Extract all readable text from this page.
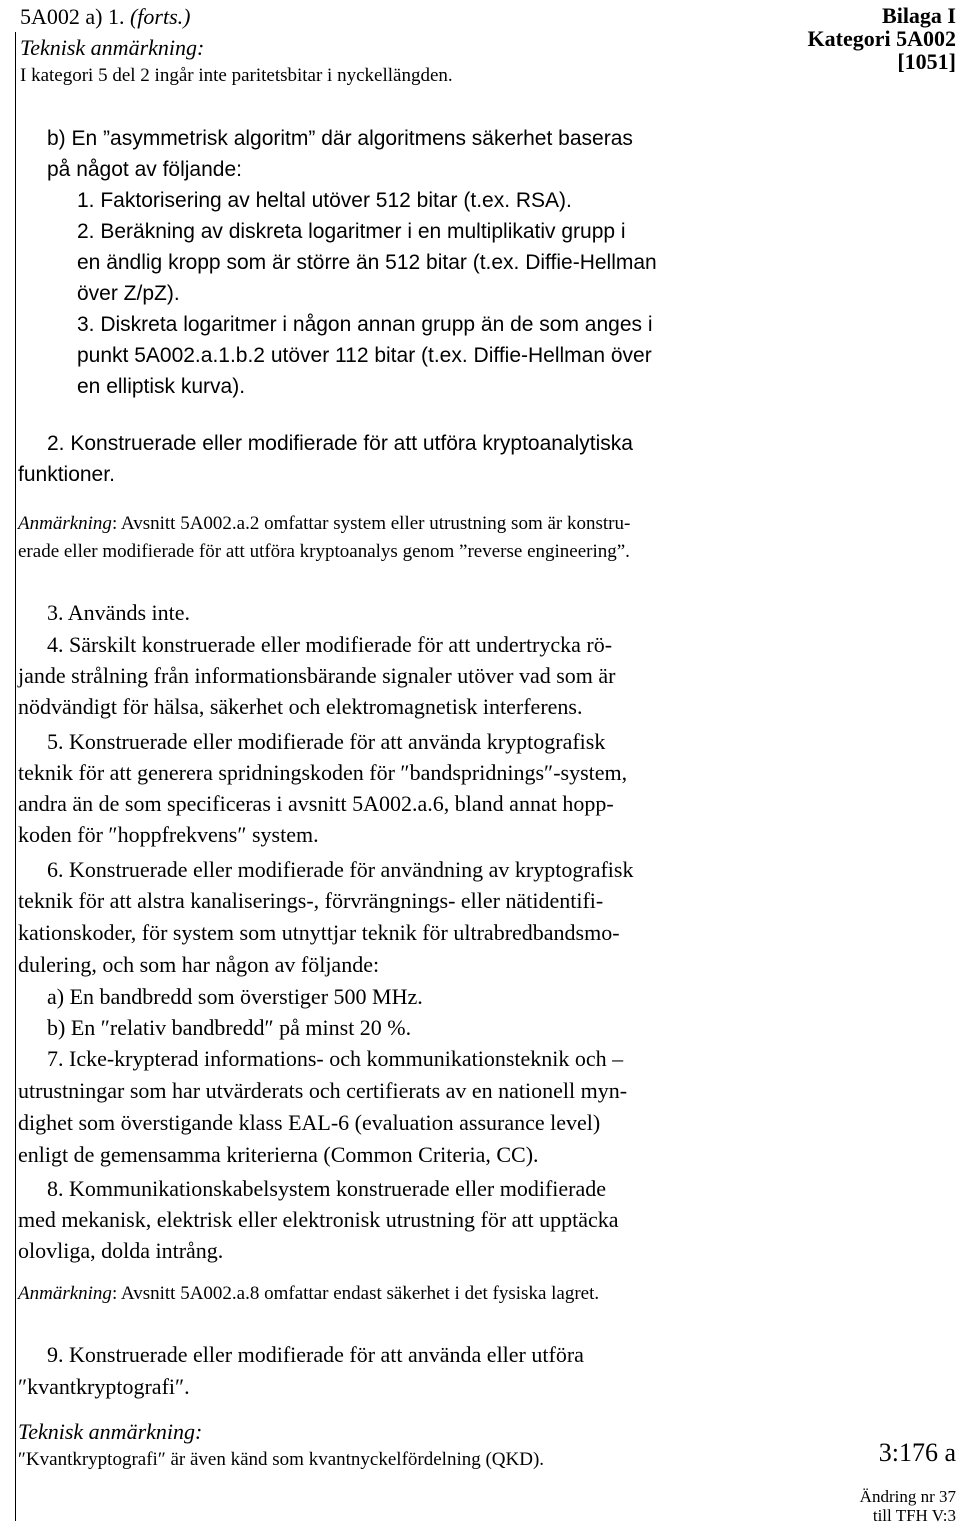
5A002 a) 1. (forts.)
Teknisk anmärkning:
I kategori 5 del 2 ingår inte paritetsbitar i nyckellängden.
Bilaga I
Kategori 5A002
[1051]
b) En ”asymmetrisk algoritm” där algoritmens säkerhet baseras
på något av följande:
1. Faktorisering av heltal utöver 512 bitar (t.ex. RSA).
2. Beräkning av diskreta logaritmer i en multiplikativ grupp i
en ändlig kropp som är större än 512 bitar (t.ex. Diffie-Hellman
över Z/pZ).
3. Diskreta logaritmer i någon annan grupp än de som anges i
punkt 5A002.a.1.b.2 utöver 112 bitar (t.ex. Diffie-Hellman över
en elliptisk kurva).
2. Konstruerade eller modifierade för att utföra kryptoanalytiska
funktioner.
Anmärkning: Avsnitt 5A002.a.2 omfattar system eller utrustning som är konstru-
erade eller modifierade för att utföra kryptoanalys genom ”reverse engineering”.
3. Används inte.
4. Särskilt konstruerade eller modifierade för att undertrycka rö-
jande strålning från informationsbärande signaler utöver vad som är
nödvändigt för hälsa, säkerhet och elektromagnetisk interferens.
5. Konstruerade eller modifierade för att använda kryptografisk
teknik för att generera spridningskoden för ″bandspridnings″-system,
andra än de som specificeras i avsnitt 5A002.a.6, bland annat hopp-
koden för ″hoppfrekvens″ system.
6. Konstruerade eller modifierade för användning av kryptografisk
teknik för att alstra kanaliserings-, förvrängnings- eller nätidentifi-
kationskoder, för system som utnyttjar teknik för ultrabredbandsmo-
dulering, och som har någon av följande:
a) En bandbredd som överstiger 500 MHz.
b) En ″relativ bandbredd″ på minst 20 %.
7. Icke-krypterad informations- och kommunikationsteknik och –
utrustningar som har utvärderats och certifierats av en nationell myn-
dighet som överstigande klass EAL-6 (evaluation assurance level)
enligt de gemensamma kriterierna (Common Criteria, CC).
8. Kommunikationskabelsystem konstruerade eller modifierade
med mekanisk, elektrisk eller elektronisk utrustning för att upptäcka
olovliga, dolda intrång.
Anmärkning: Avsnitt 5A002.a.8 omfattar endast säkerhet i det fysiska lagret.
9. Konstruerade eller modifierade för att använda eller utföra
″kvantkryptografi″.
Teknisk anmärkning:
″Kvantkryptografi″ är även känd som kvantnyckelfördelning (QKD).	3:176 a
Ändring nr 37
till TFH V:3
